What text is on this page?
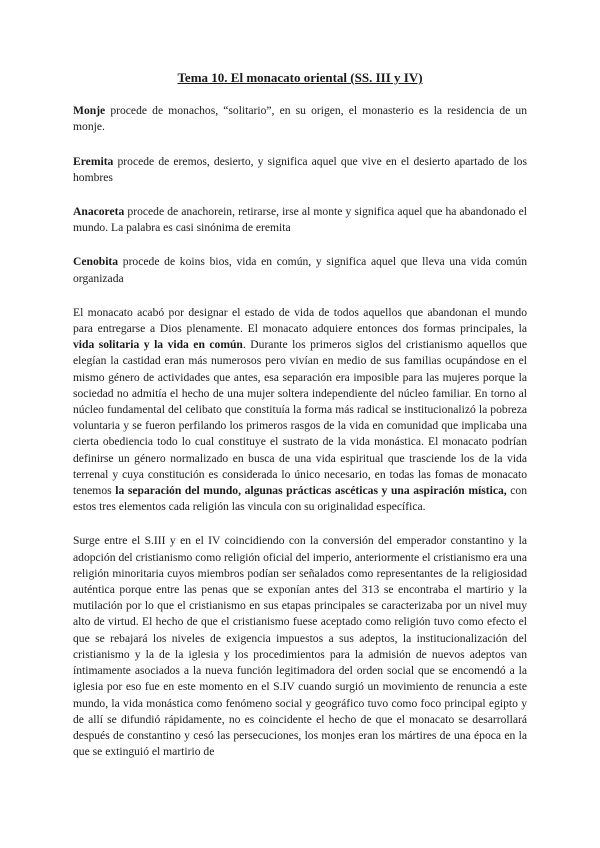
Tema 10. El monacato oriental (SS. III y IV)

Monje procede de monachos, “solitario”, en su origen, el monasterio es la residencia de un monje.

Eremita procede de eremos, desierto, y significa aquel que vive en el desierto apartado de los hombres

Anacoreta procede de anachorein, retirarse, irse al monte y significa aquel que ha abandonado el mundo. La palabra es casi sinónima de eremita

Cenobita procede de koins bios, vida en común, y significa aquel que lleva una vida común organizada

El monacato acabó por designar el estado de vida de todos aquellos que abandonan el mundo para entregarse a Dios plenamente. El monacato adquiere entonces dos formas principales, la vida solitaria y la vida en común. Durante los primeros siglos del cristianismo aquellos que elegían la castidad eran más numerosos pero vivían en medio de sus familias ocupándose en el mismo género de actividades que antes, esa separación era imposible para las mujeres porque la sociedad no admitía el hecho de una mujer soltera independiente del núcleo familiar. En torno al núcleo fundamental del celibato que constituía la forma más radical se institucionalizó la pobreza voluntaria y se fueron perfilando los primeros rasgos de la vida en comunidad que implicaba una cierta obediencia todo lo cual constituye el sustrato de la vida monástica. El monacato podrían definirse un género normalizado en busca de una vida espiritual que trasciende los de la vida terrenal y cuya constitución es considerada lo único necesario, en todas las fomas de monacato tenemos la separación del mundo, algunas prácticas ascéticas y una aspiración mística, con estos tres elementos cada religión las vincula con su originalidad específica.

Surge entre el S.III y en el IV coincidiendo con la conversión del emperador constantino y la adopción del cristianismo como religión oficial del imperio, anteriormente el cristianismo era una religión minoritaria cuyos miembros podían ser señalados como representantes de la religiosidad auténtica porque entre las penas que se exponían antes del 313 se encontraba el martirio y la mutilación por lo que el cristianismo en sus etapas principales se caracterizaba por un nivel muy alto de virtud. El hecho de que el cristianismo fuese aceptado como religión tuvo como efecto el que se rebajará los niveles de exigencia impuestos a sus adeptos, la institucionalización del cristianismo y la de la iglesia y los procedimientos para la admisión de nuevos adeptos van íntimamente asociados a la nueva función legitimadora del orden social que se encomendó a la iglesia por eso fue en este momento en el S.IV cuando surgió un movimiento de renuncia a este mundo, la vida monástica como fenómeno social y geográfico tuvo como foco principal egipto y de allí se difundió rápidamente, no es coincidente el hecho de que el monacato se desarrollará después de constantino y cesó las persecuciones, los monjes eran los mártires de una época en la que se extinguió el martirio de
